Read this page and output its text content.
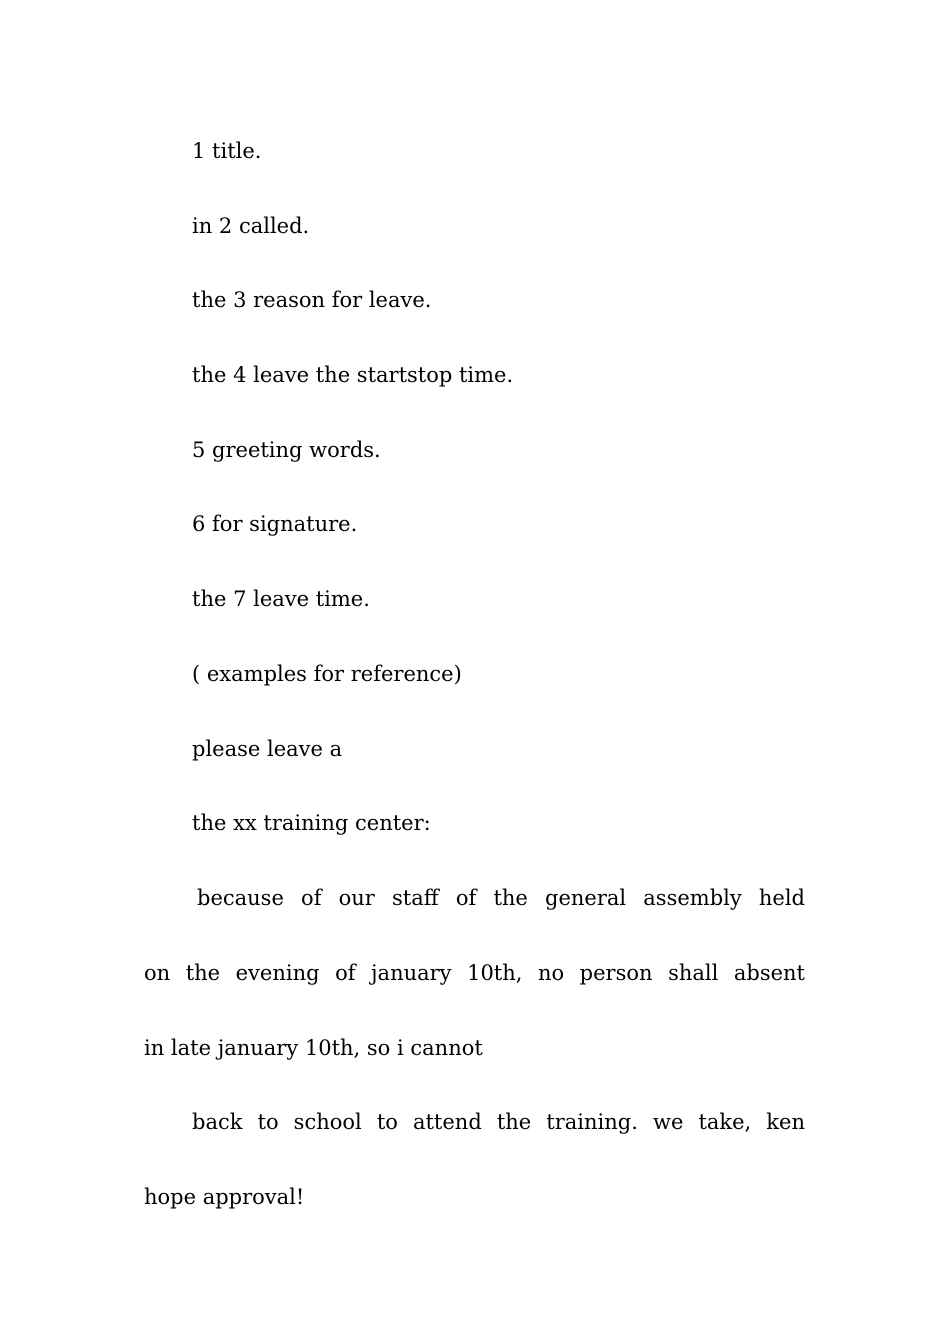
1 title.

in 2 called.

the 3 reason for leave.

the 4 leave the startstop time.

5 greeting words.

6 for signature.

the 7 leave time.

( examples for reference)

please leave a

the xx training center:

because of our staff of the general assembly held

on the evening of january 10th, no person shall absent

in late january 10th, so i cannot

back to school to attend the training. we take, ken

hope approval!
